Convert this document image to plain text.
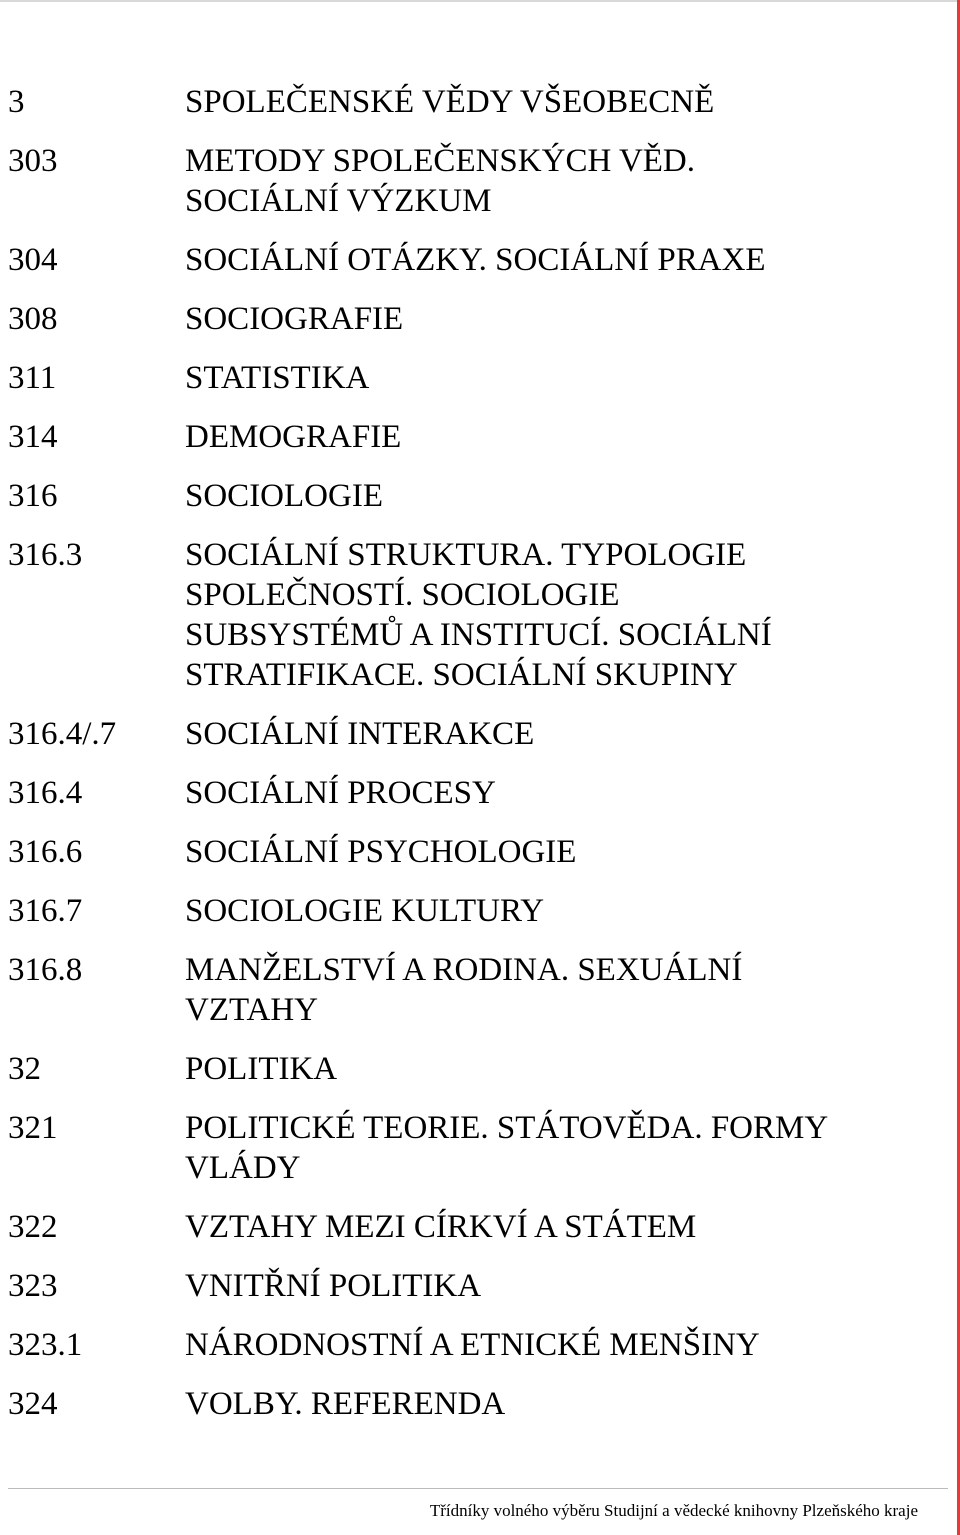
3	SPOLEČENSKÉ VĚDY VŠEOBECNĚ
303	METODY SPOLEČENSKÝCH VĚD.
SOCIÁLNÍ VÝZKUM
304	SOCIÁLNÍ OTÁZKY. SOCIÁLNÍ PRAXE
308	SOCIOGRAFIE
311	STATISTIKA
314	DEMOGRAFIE
316	SOCIOLOGIE
316.3	SOCIÁLNÍ STRUKTURA. TYPOLOGIE
SPOLEČNOSTÍ. SOCIOLOGIE
SUBSYSTÉMŮ A INSTITUCÍ. SOCIÁLNÍ
STRATIFIKACE. SOCIÁLNÍ SKUPINY
316.4/.7	SOCIÁLNÍ INTERAKCE
316.4	SOCIÁLNÍ PROCESY
316.6	SOCIÁLNÍ PSYCHOLOGIE
316.7	SOCIOLOGIE KULTURY
316.8	MANŽELSTVÍ A RODINA. SEXUÁLNÍ
VZTAHY
32	POLITIKA
321	POLITICKÉ TEORIE. STÁTOVĚDA. FORMY
VLÁDY
322	VZTAHY MEZI CÍRKVÍ A STÁTEM
323	VNITŘNÍ POLITIKA
323.1	NÁRODNOSTNÍ A ETNICKÉ MENŠINY
324	VOLBY. REFERENDA
Třídníky volného výběru Studijní a vědecké knihovny Plzeňského kraje
